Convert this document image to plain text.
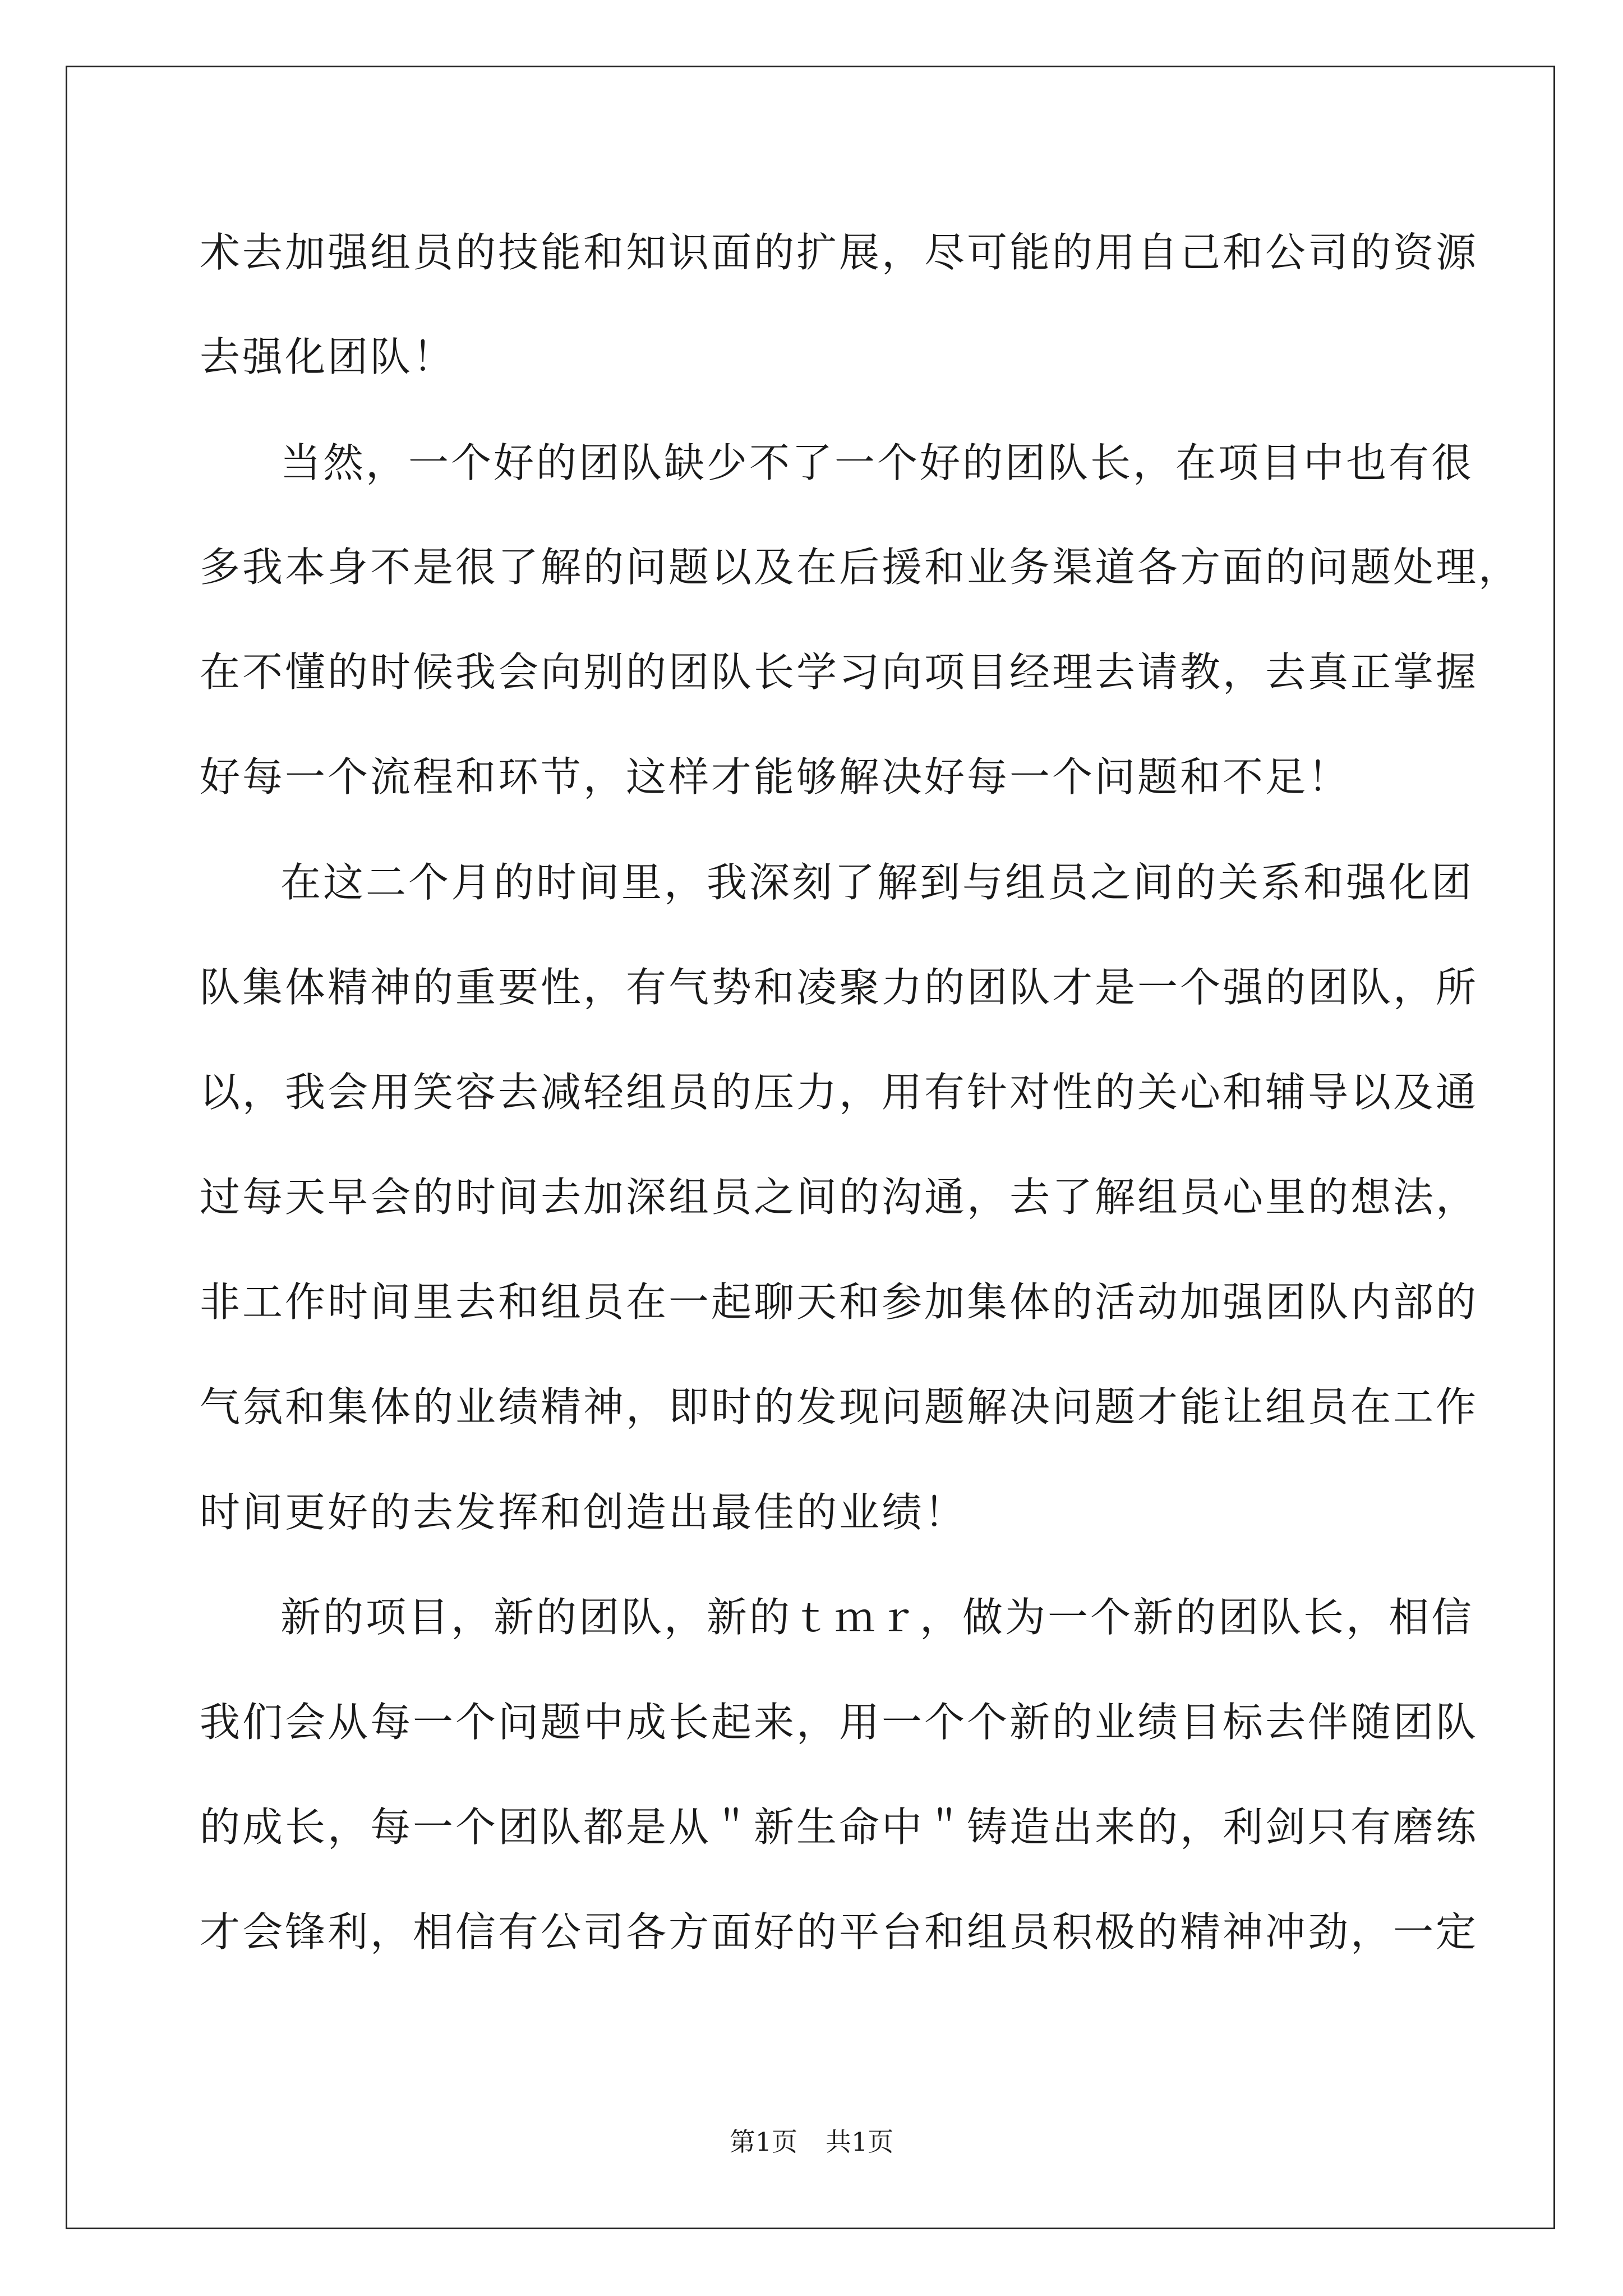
术去加强组员的技能和知识面的扩展，尽可能的用自己和公司的资源
去强化团队！
当然，一个好的团队缺少不了一个好的团队长，在项目中也有很
多我本身不是很了解的问题以及在后援和业务渠道各方面的问题处理，
在不懂的时候我会向别的团队长学习向项目经理去请教，去真正掌握
好每一个流程和环节，这样才能够解决好每一个问题和不足！
在这二个月的时间里，我深刻了解到与组员之间的关系和强化团
队集体精神的重要性，有气势和凌聚力的团队才是一个强的团队，所
以，我会用笑容去减轻组员的压力，用有针对性的关心和辅导以及通
过每天早会的时间去加深组员之间的沟通，去了解组员心里的想法，
非工作时间里去和组员在一起聊天和参加集体的活动加强团队内部的
气氛和集体的业绩精神，即时的发现问题解决问题才能让组员在工作
时间更好的去发挥和创造出最佳的业绩！
新的项目，新的团队，新的ｔｍｒ，做为一个新的团队长，相信
我们会从每一个问题中成长起来，用一个个新的业绩目标去伴随团队
的成长，每一个团队都是从＂新生命中＂铸造出来的，利剑只有磨练
才会锋利，相信有公司各方面好的平台和组员积极的精神冲劲，一定
第1页 共1页
